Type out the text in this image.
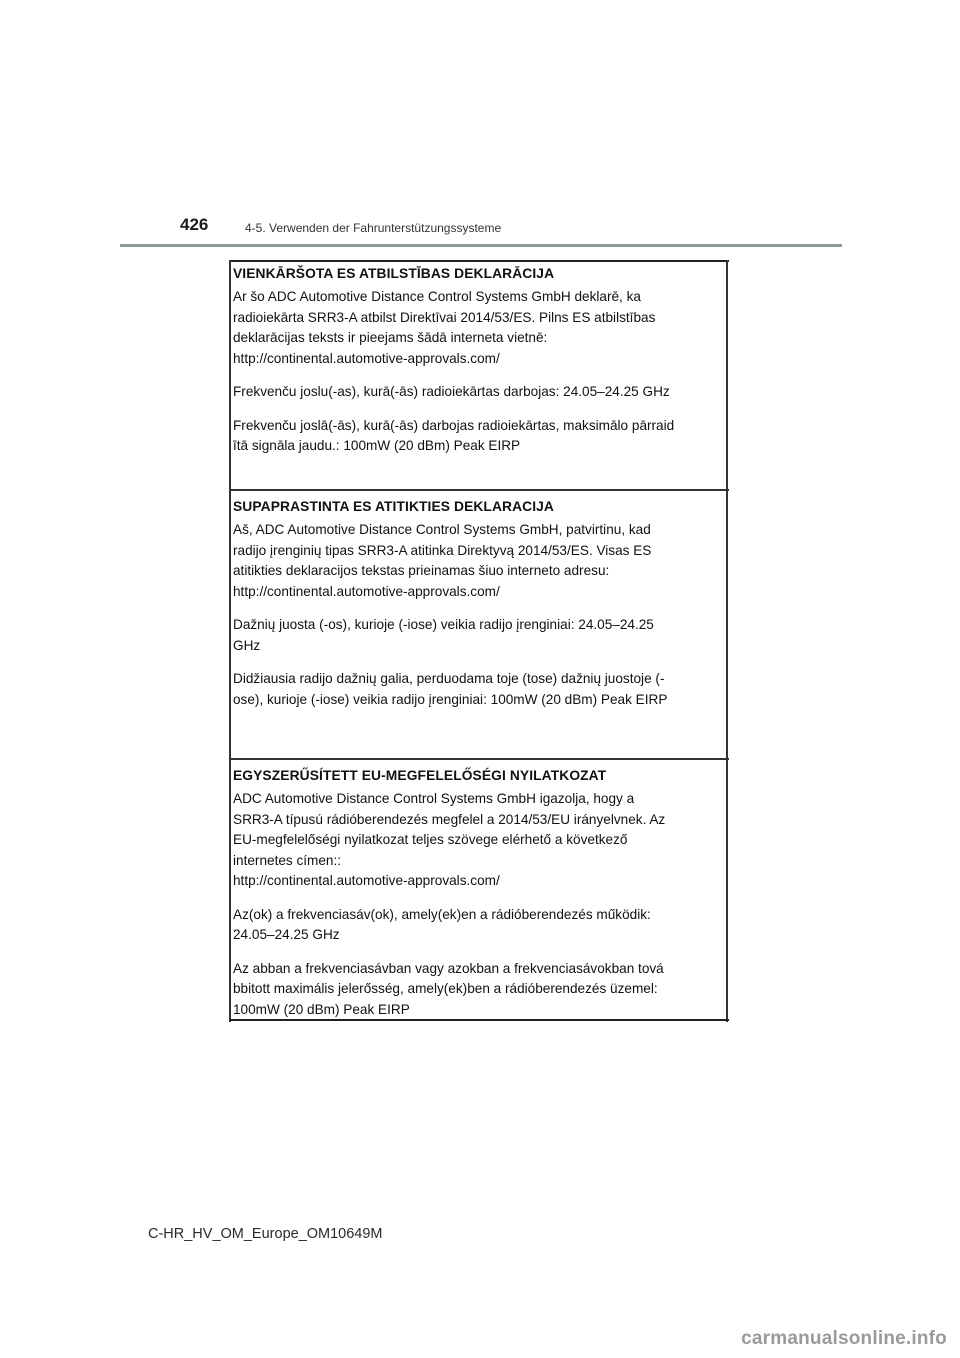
426	4-5. Verwenden der Fahrunterstützungssysteme
VIENKĀRŠOTA ES ATBILSTĪBAS DEKLARĀCIJA

Ar šo ADC Automotive Distance Control Systems GmbH deklarē, ka

radioiekārta SRR3-A atbilst Direktīvai 2014/53/ES. Pilns ES atbilstības

deklarācijas teksts ir pieejams šādā interneta vietnē:

http://continental.automotive-approvals.com/

Frekvenču joslu(-as), kurā(-ās) radioiekārtas darbojas: 24.05–24.25 GHz

Frekvenču joslā(-ās), kurā(-ās) darbojas radioiekārtas, maksimālo pārraid

ītā signāla jaudu.: 100mW (20 dBm) Peak EIRP

SUPAPRASTINTA ES ATITIKTIES DEKLARACIJA

Aš, ADC Automotive Distance Control Systems GmbH, patvirtinu, kad

radijo įrenginių tipas SRR3-A atitinka Direktyvą 2014/53/ES. Visas ES

atitikties deklaracijos tekstas prieinamas šiuo interneto adresu:

http://continental.automotive-approvals.com/

Dažnių juosta (-os), kurioje (-iose) veikia radijo įrenginiai: 24.05–24.25

GHz

Didžiausia radijo dažnių galia, perduodama toje (tose) dažnių juostoje (-

ose), kurioje (-iose) veikia radijo įrenginiai: 100mW (20 dBm) Peak EIRP

EGYSZERŰSÍTETT EU-MEGFELELŐSÉGI NYILATKOZAT

ADC Automotive Distance Control Systems GmbH igazolja, hogy a

SRR3-A típusú rádióberendezés megfelel a 2014/53/EU irányelvnek. Az

EU-megfelelőségi nyilatkozat teljes szövege elérhető a következő

internetes címen::

http://continental.automotive-approvals.com/

Az(ok) a frekvenciasáv(ok), amely(ek)en a rádióberendezés működik:

24.05–24.25 GHz

Az abban a frekvenciasávban vagy azokban a frekvenciasávokban tová

bbitott maximális jelerősség, amely(ek)ben a rádióberendezés üzemel:

100mW (20 dBm) Peak EIRP

C-HR_HV_OM_Europe_OM10649M
carmanualsonline.info
